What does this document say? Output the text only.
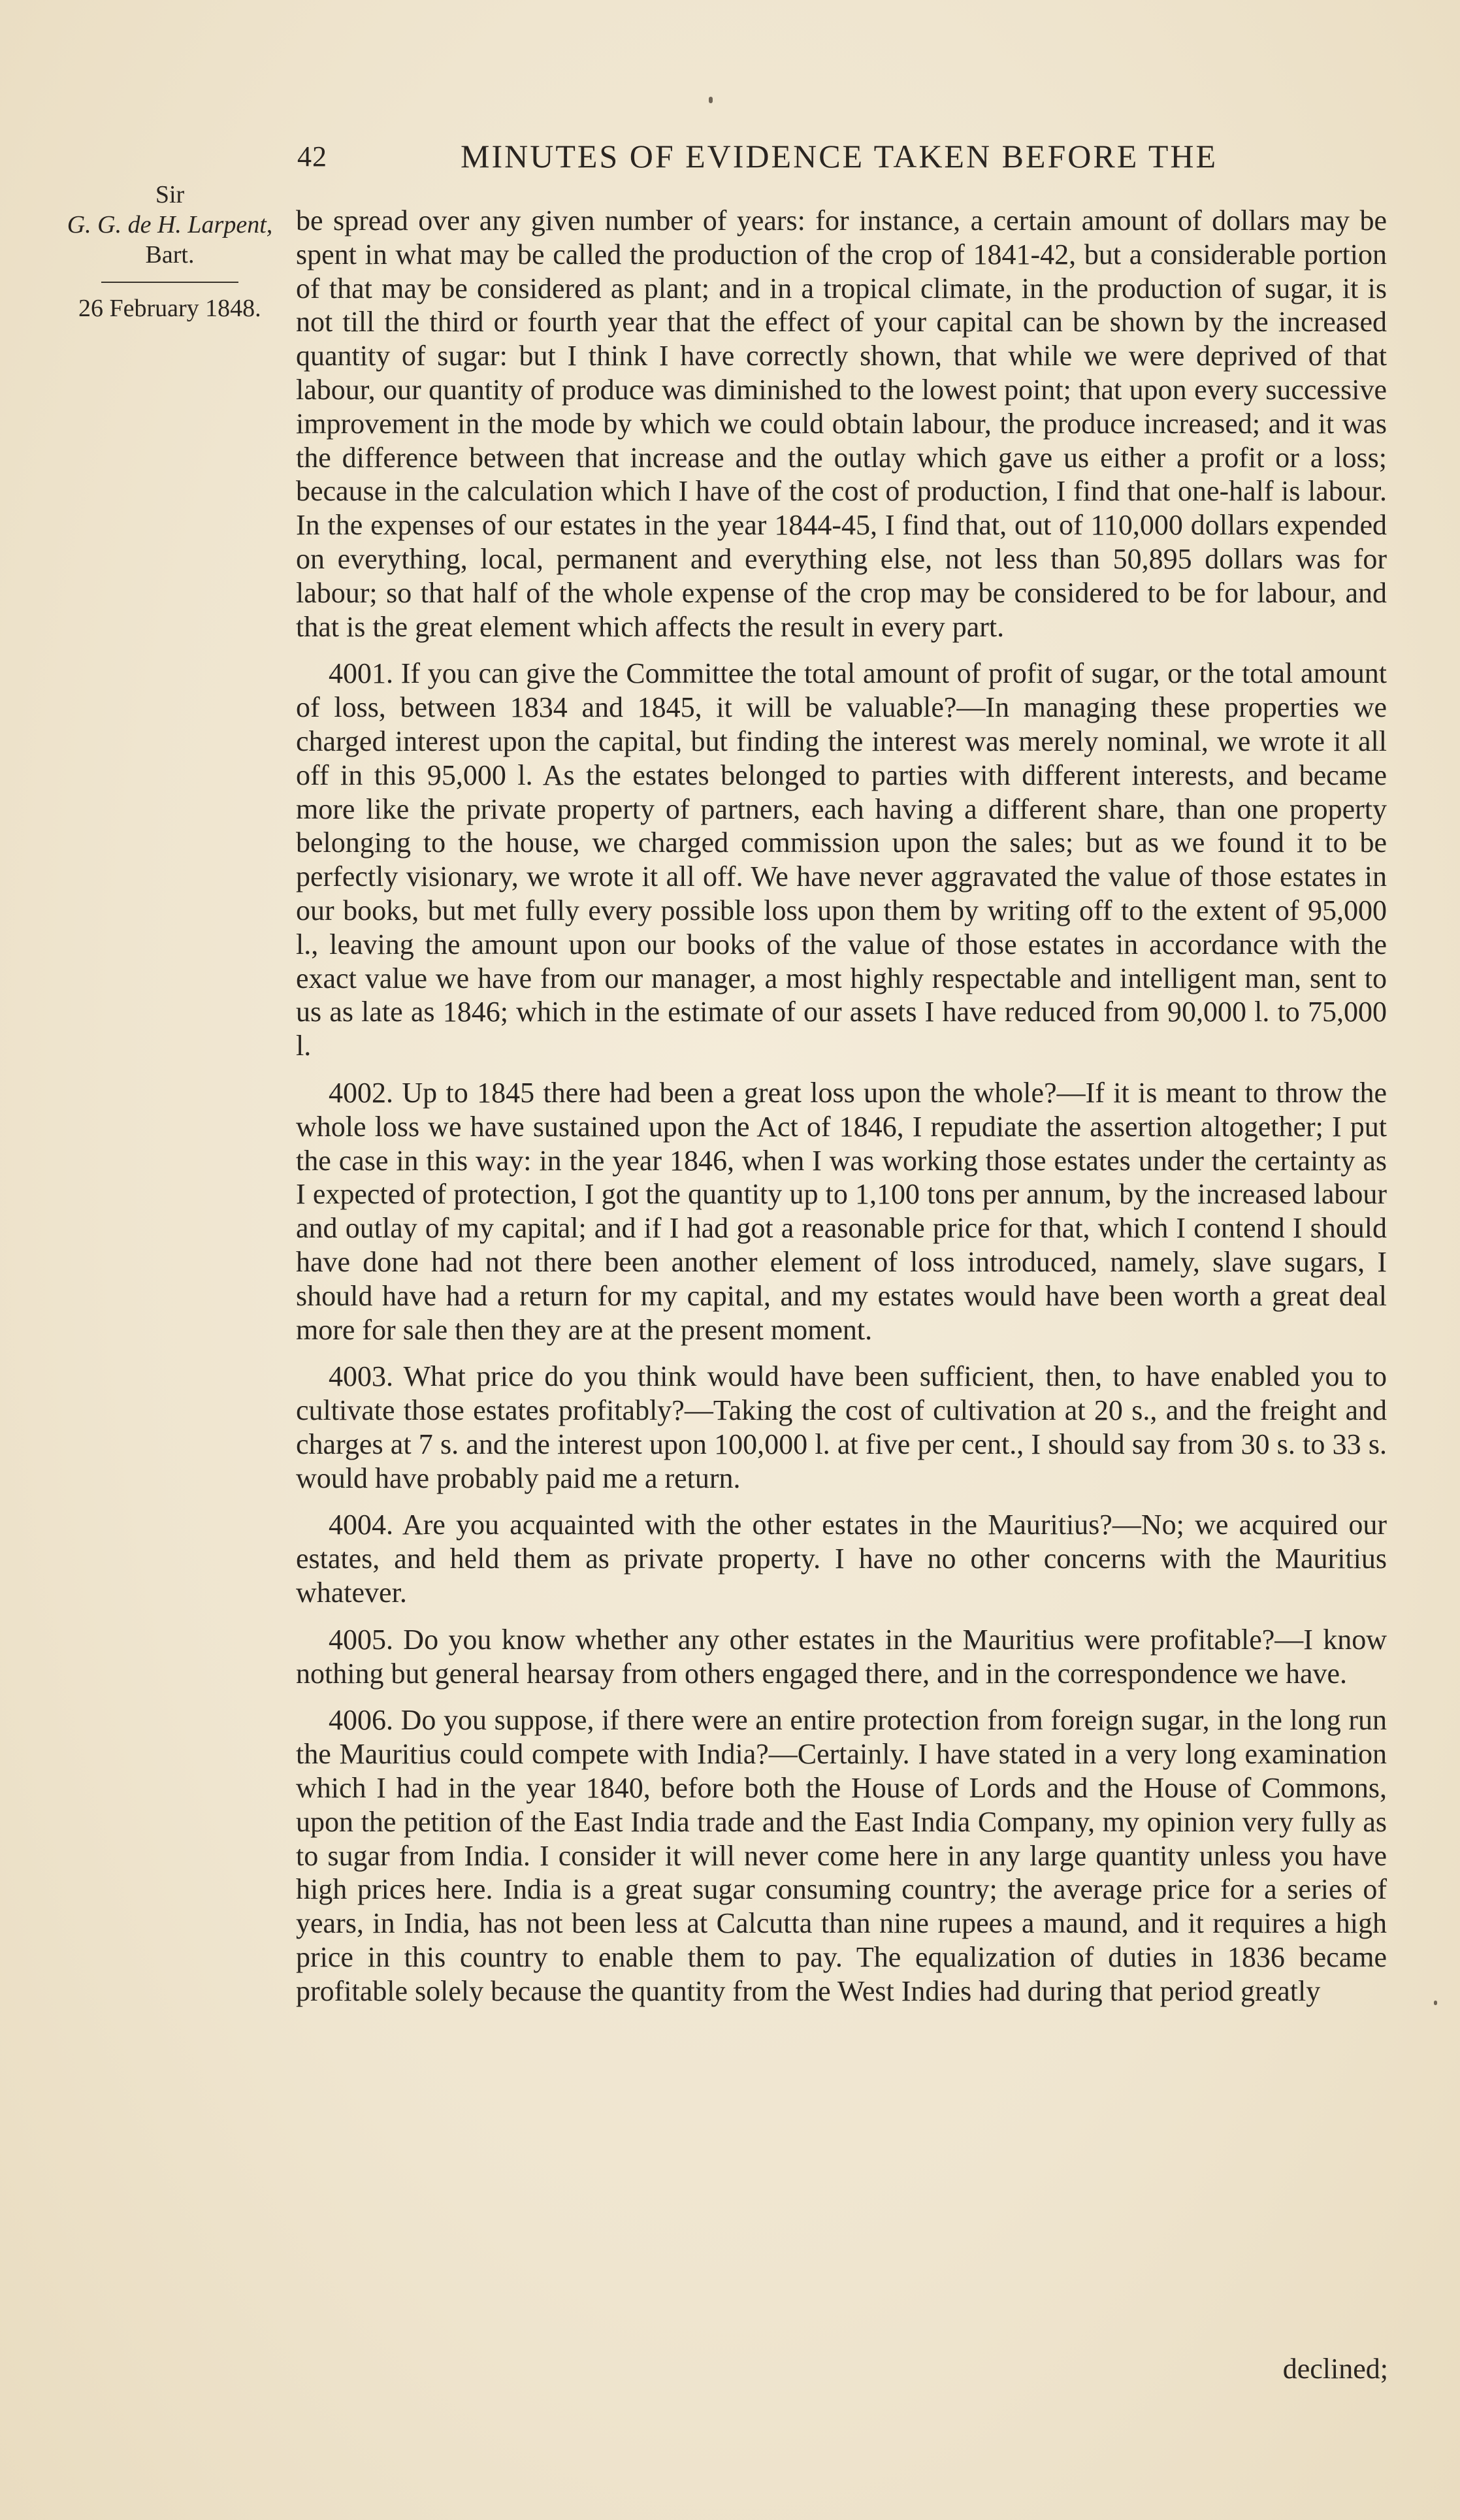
42	MINUTES OF EVIDENCE TAKEN BEFORE THE
Sir
G. G. de H. Larpent,
Bart.
26 February 1848.

be spread over any given number of years: for instance, a certain amount of dollars may be spent in what may be called the production of the crop of 1841-42, but a considerable portion of that may be considered as plant; and in a tropical climate, in the production of sugar, it is not till the third or fourth year that the effect of your capital can be shown by the increased quantity of sugar: but I think I have correctly shown, that while we were deprived of that labour, our quantity of produce was diminished to the lowest point; that upon every successive improvement in the mode by which we could obtain labour, the produce increased; and it was the difference between that increase and the outlay which gave us either a profit or a loss; because in the calculation which I have of the cost of production, I find that one-half is labour. In the expenses of our estates in the year 1844-45, I find that, out of 110,000 dollars expended on everything, local, permanent and everything else, not less than 50,895 dollars was for labour; so that half of the whole expense of the crop may be considered to be for labour, and that is the great element which affects the result in every part.

4001. If you can give the Committee the total amount of profit of sugar, or the total amount of loss, between 1834 and 1845, it will be valuable?—In managing these properties we charged interest upon the capital, but finding the interest was merely nominal, we wrote it all off in this 95,000 l. As the estates belonged to parties with different interests, and became more like the private property of partners, each having a different share, than one property belonging to the house, we charged commission upon the sales; but as we found it to be perfectly visionary, we wrote it all off. We have never aggravated the value of those estates in our books, but met fully every possible loss upon them by writing off to the extent of 95,000 l., leaving the amount upon our books of the value of those estates in accordance with the exact value we have from our manager, a most highly respectable and intelligent man, sent to us as late as 1846; which in the estimate of our assets I have reduced from 90,000 l. to 75,000 l.

4002. Up to 1845 there had been a great loss upon the whole?—If it is meant to throw the whole loss we have sustained upon the Act of 1846, I repudiate the assertion altogether; I put the case in this way: in the year 1846, when I was working those estates under the certainty as I expected of protection, I got the quantity up to 1,100 tons per annum, by the increased labour and outlay of my capital; and if I had got a reasonable price for that, which I contend I should have done had not there been another element of loss introduced, namely, slave sugars, I should have had a return for my capital, and my estates would have been worth a great deal more for sale then they are at the present moment.

4003. What price do you think would have been sufficient, then, to have enabled you to cultivate those estates profitably?—Taking the cost of cultivation at 20 s., and the freight and charges at 7 s. and the interest upon 100,000 l. at five per cent., I should say from 30 s. to 33 s. would have probably paid me a return.

4004. Are you acquainted with the other estates in the Mauritius?—No; we acquired our estates, and held them as private property. I have no other concerns with the Mauritius whatever.

4005. Do you know whether any other estates in the Mauritius were profitable?—I know nothing but general hearsay from others engaged there, and in the correspondence we have.

4006. Do you suppose, if there were an entire protection from foreign sugar, in the long run the Mauritius could compete with India?—Certainly. I have stated in a very long examination which I had in the year 1840, before both the House of Lords and the House of Commons, upon the petition of the East India trade and the East India Company, my opinion very fully as to sugar from India. I consider it will never come here in any large quantity unless you have high prices here. India is a great sugar consuming country; the average price for a series of years, in India, has not been less at Calcutta than nine rupees a maund, and it requires a high price in this country to enable them to pay. The equalization of duties in 1836 became profitable solely because the quantity from the West Indies had during that period greatly

declined;
